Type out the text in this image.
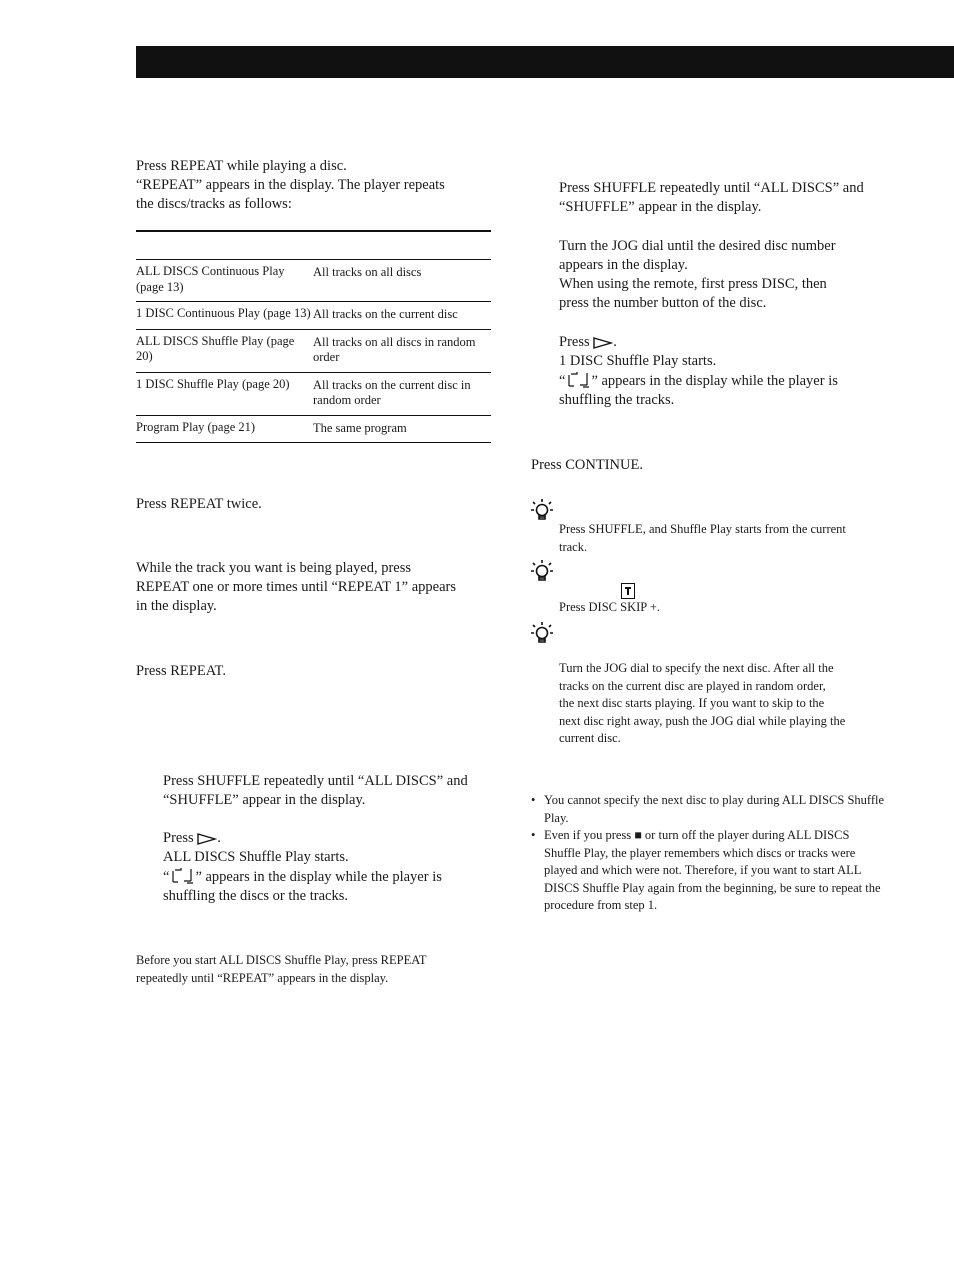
Press REPEAT while playing a disc.
“REPEAT” appears in the display. The player repeats
the discs/tracks as follows:
ALL DISCS Continuous Play (page 13)
All tracks on all discs
1 DISC Continuous Play (page 13) All tracks on the current disc
ALL DISCS Shuffle Play (page 20)
All tracks on all discs in random order
1 DISC Shuffle Play (page 20)	All tracks on the current disc in random order
Program Play (page 21)	The same program
Press REPEAT twice.
While the track you want is being played, press
REPEAT one or more times until “REPEAT 1” appears
in the display.
Press REPEAT.
Press SHUFFLE repeatedly until “ALL DISCS” and
“SHUFFLE” appear in the display.
Press .
ALL DISCS Shuffle Play starts.
“ ” appears in the display while the player is
shuffling the discs or the tracks.
Before you start ALL DISCS Shuffle Play, press REPEAT
repeatedly until “REPEAT” appears in the display.
Press SHUFFLE repeatedly until “ALL DISCS” and
“SHUFFLE” appear in the display.
Turn the JOG dial until the desired disc number
appears in the display.
When using the remote, first press DISC, then
press the number button of the disc.
Press .
1 DISC Shuffle Play starts.
“ ” appears in the display while the player is
shuffling the tracks.
Press CONTINUE.
Press SHUFFLE, and Shuffle Play starts from the current
track.
Press DISC SKIP +.
Turn the JOG dial to specify the next disc. After all the
tracks on the current disc are played in random order,
the next disc starts playing. If you want to skip to the
next disc right away, push the JOG dial while playing the
current disc.
• You cannot specify the next disc to play during ALL DISCS Shuffle Play.
• Even if you press ■ or turn off the player during ALL DISCS Shuffle Play, the player remembers which discs or tracks were played and which were not. Therefore, if you want to start ALL DISCS Shuffle Play again from the beginning, be sure to repeat the procedure from step 1.
